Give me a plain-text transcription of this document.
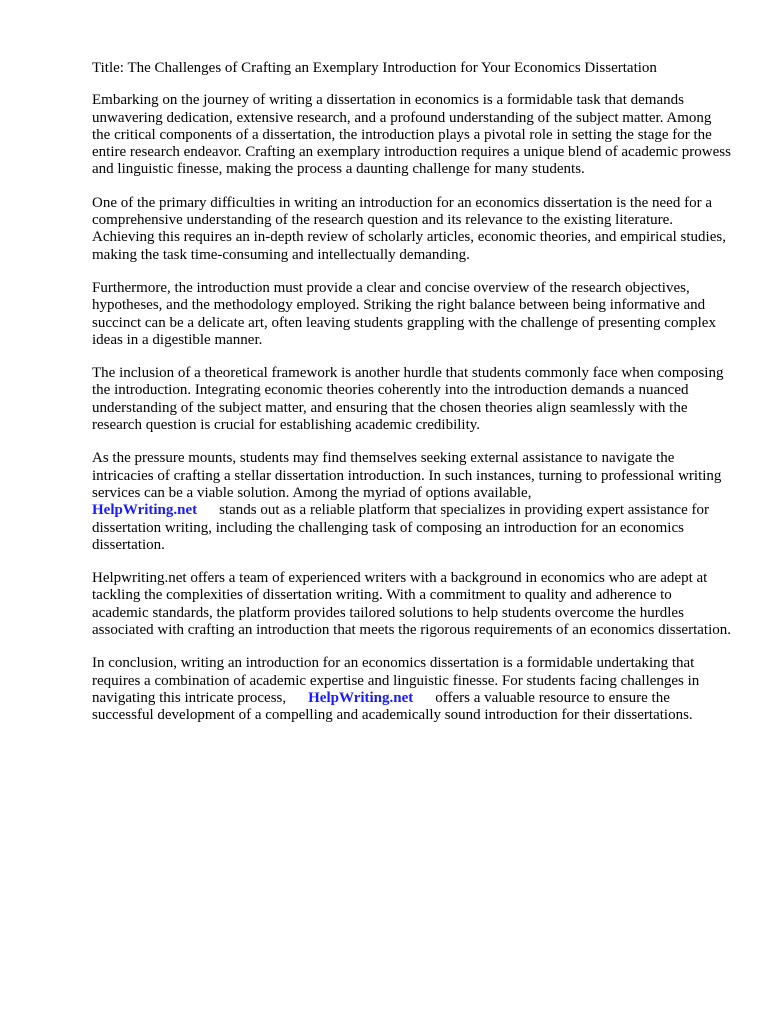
Title: The Challenges of Crafting an Exemplary Introduction for Your Economics Dissertation

Embarking on the journey of writing a dissertation in economics is a formidable task that demands unwavering dedication, extensive research, and a profound understanding of the subject matter. Among the critical components of a dissertation, the introduction plays a pivotal role in setting the stage for the entire research endeavor. Crafting an exemplary introduction requires a unique blend of academic prowess and linguistic finesse, making the process a daunting challenge for many students.

One of the primary difficulties in writing an introduction for an economics dissertation is the need for a comprehensive understanding of the research question and its relevance to the existing literature. Achieving this requires an in-depth review of scholarly articles, economic theories, and empirical studies, making the task time-consuming and intellectually demanding.

Furthermore, the introduction must provide a clear and concise overview of the research objectives, hypotheses, and the methodology employed. Striking the right balance between being informative and succinct can be a delicate art, often leaving students grappling with the challenge of presenting complex ideas in a digestible manner.

The inclusion of a theoretical framework is another hurdle that students commonly face when composing the introduction. Integrating economic theories coherently into the introduction demands a nuanced understanding of the subject matter, and ensuring that the chosen theories align seamlessly with the research question is crucial for establishing academic credibility.

As the pressure mounts, students may find themselves seeking external assistance to navigate the intricacies of crafting a stellar dissertation introduction. In such instances, turning to professional writing services can be a viable solution. Among the myriad of options available,
HelpWriting.net stands out as a reliable platform that specializes in providing expert assistance for dissertation writing, including the challenging task of composing an introduction for an economics dissertation.

Helpwriting.net offers a team of experienced writers with a background in economics who are adept at tackling the complexities of dissertation writing. With a commitment to quality and adherence to academic standards, the platform provides tailored solutions to help students overcome the hurdles associated with crafting an introduction that meets the rigorous requirements of an economics dissertation.

In conclusion, writing an introduction for an economics dissertation is a formidable undertaking that requires a combination of academic expertise and linguistic finesse. For students facing challenges in navigating this intricate process, HelpWriting.net offers a valuable resource to ensure the successful development of a compelling and academically sound introduction for their dissertations.
